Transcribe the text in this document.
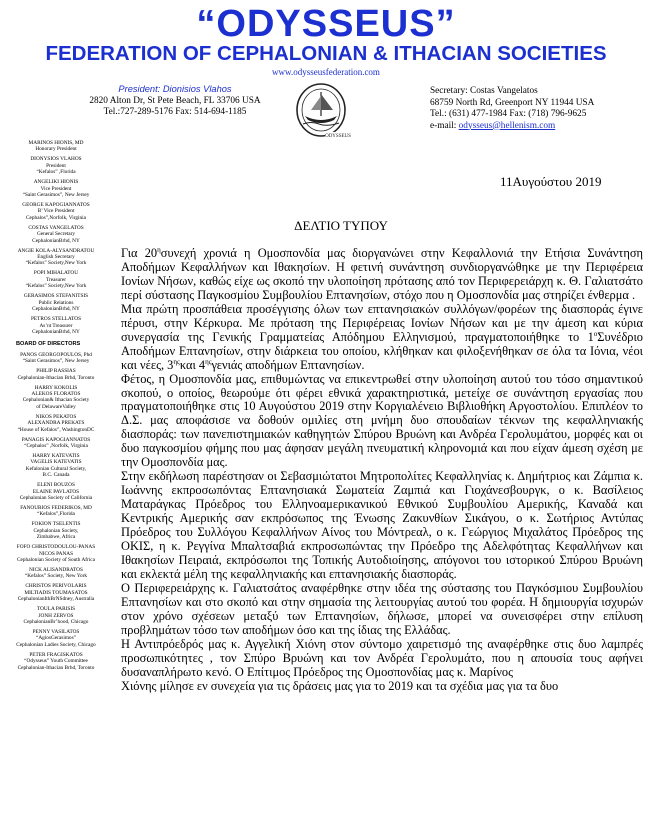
“ODYSSEUS”
FEDERATION OF CEPHALONIAN & ITHACIAN SOCIETIES
www.odysseusfederation.com
President: Dionisios Vlahos
2820 Alton Dr, St Pete Beach, FL 33706 USA
Tel.:727-289-5176 Fax: 514-694-1185
ODYSSEUS
Secretary: Costas Vangelatos
68759 North Rd, Greenport NY 11944 USA
Tel.: (631) 477-1984 Fax: (718) 796-9625
e-mail: odysseus@hellenism.com
MARINOS HIONIS, MD
Honorary President
DIONYSIOS VLAHOS
President
“Kefalos” ,Florida
ANGELIKI HIONIS
Vice President
“Saint Gerasimos”, New Jersey
GEORGE KAPOGIANNATOS
B’ Vice President
Cephalos”,Norfolk, Virginia
COSTAS VANGELATOS
General Secretary
CephalonianBrhd, NY
ANGIE KOLA-ALYSANDRATOU
English Secretary
“Kefalos” Society,New York
POPI MIHALATOU
Treasurer
“Kefalos” Society,New York
GERASIMOS STEFANITSIS
Public Relations
CephalonianBrhd, NY
PETROS STELLATOS
As’nt Treasurer
CephalonianBrhd, NY
BOARD OF DIRECTORS
PANOS GEORGOPOULOS, Phd
“Saint Gerasimos”, New Jersey
PHILIP RASSIAS
Cephalonian-Ithacian Brhd, Toronto
HARRY KOKOLIS
ALEKOS FLORATOS
Cephalonian& Ithacian Society
of DelawareValley
NIKOS PEKATOS
ALEXANDRA PREKATS
“House of Kefalos”, WashingtonDC
PANAGIS KAPOGIANNATOS
“Cephalos” ,Norfolk, Virginia
HARRY KATEVATIS
VAGELIS KATEVATIS
Kefalonian Cultural Society,
B.C. Canada
ELENI BOUZOS
ELAINE PAVLATOS
Cephalonian Society of California
FANOURIOS FEDERIKOS, MD
“Kefalos”,Florida
FOKION TSELENTIS
Cephalonian Society,
Zimbabwe, Africa
FOFO CHRISTODOULOU-PANAS
NICOS PANAS
Cephalonian Society of South Africa
NICK ALISANDRATOS
“Kefalos” Society, New York
CHRISTOS PERIVOLARIS
MILTIADIS TOUMASATOS
CephalonianIthBrNSdney, Australia
TOULA PARISIS
JONH ZERVOS
CephalonianBr’hood, Chicago
PENNY VASILATOS
“AgiosGerasimos”
Cephalonian Ladies Society, Chicago
PETER FRAGISKATOS
“Odysseus” Youth Committee
Cephalonian-Ithacian Brhd, Toronto
11Αυγούστου 2019
ΔΕΛΤΙΟ ΤΥΠΟΥ

Για $20^\eta\sigma\upsilon\nu\varepsilon\chi ή$ χρονιά η Ομοσπονδία μας διοργανώνει στην Κεφαλλονιά την Ετήσια Συνάντηση Αποδήμων Κεφαλλήνων και Ιθακησίων. Η φετινή συνάντηση συνδιοργανώθηκε με την Περιφέρεια Ιονίων Νήσων, καθώς είχε ως σκοπό την υλοποίηση πρότασης από τον Περιφερειάρχη κ. Θ. Γαλιατσάτο περί σύστασης Παγκοσμίου Συμβουλίου Επτανησίων, στόχο που η Ομοσπονδία μας στηρίζει ένθερμα .

Μια πρώτη προσπάθεια προσέγγισης όλων των επτανησιακών συλλόγων/φορέων της διασποράς έγινε πέρυσι, στην Κέρκυρα. Με πρόταση της Περιφέρειας Ιονίων Νήσων και με την άμεση και κύρια συνεργασία της Γενικής Γραμματείας Απόδημου Ελληνισμού, πραγματοποιήθηκε το $1^o\Sigma\upsilon\nu έ\delta\rho\iota o$ Αποδήμων Επτανησίων, στην διάρκεια του οποίου, κλήθηκαν και φιλοξενήθηκαν σε όλα τα Ιόνια, νέοι και νέες, $3^{\eta\varsigma}\kappa\alpha\iota$ $4^{\eta\varsigma}\gamma\varepsilon\nu\iota ά\varsigma$ αποδήμων Επτανησίων.

Φέτος, η Ομοσπονδία μας, επιθυμώντας να επικεντρωθεί στην υλοποίηση αυτού του τόσο σημαντικού σκοπού, ο οποίος, θεωρούμε ότι φέρει εθνικά χαρακτηριστικά, μετείχε σε συνάντηση εργασίας που πραγματοποιήθηκε στις 10 Αυγούστου 2019 στην Κοργιαλένειο Βιβλιοθήκη Αργοστολίου. Επιπλέον το Δ.Σ. μας αποφάσισε να δοθούν ομιλίες στη μνήμη δυο σπουδαίων τέκνων της κεφαλληνιακής διασποράς: των πανεπιστημιακών καθηγητών Σπύρου Βρυώνη και Ανδρέα Γερολυμάτου, μορφές και οι δυο παγκοσμίου φήμης που μας άφησαν μεγάλη πνευματική κληρονομιά και που είχαν άμεση σχέση με την Ομοσπονδία μας.

Στην εκδήλωση παρέστησαν οι Σεβασμιώτατοι Μητροπολίτες Κεφαλληνίας κ. Δημήτριος και Ζάμπια κ. Ιωάννης εκπροσωπόντας Επτανησιακά Σωματεία Ζαμπιά και Γιοχάνεσβουργκ, ο κ. Βασίλειος Ματαράγκας Πρόεδρος του Ελληνοαμερικανικού Εθνικού Συμβουλίου Αμερικής, Καναδά και Κεντρικής Αμερικής σαν εκπρόσωπος της Ένωσης Ζακυνθίων Σικάγου, ο κ. Σωτήριος Αντύπας Πρόεδρος του Συλλόγου Κεφαλλήνων Αίνος του Μόντρεαλ, ο κ. Γεώργιος Μιχαλάτος Πρόεδρος της ΟΚΙΣ, η κ. Ρεγγίνα Μπαλτσαβιά εκπροσωπώντας την Πρόεδρο της Αδελφότητας Κεφαλλήνων και Ιθακησίων Πειραιά, εκπρόσωποι της Τοπικής Αυτοδιοίησης, απόγονοι του ιστορικού Σπύρου Βρυώνη και εκλεκτά μέλη της κεφαλληνιακής και επτανησιακής διασποράς.

Ο Περιφερειάρχης κ. Γαλιατσάτος αναφέρθηκε στην ιδέα της σύστασης του Παγκόσμιου Συμβουλίου Επτανησίων και στο σκοπό και στην σημασία της λειτουργίας αυτού του φορέα. Η δημιουργία ισχυρών στον χρόνο σχέσεων μεταξύ των Επτανησίων, δήλωσε, μπορεί να συνεισφέρει στην επίλυση προβλημάτων τόσο των αποδήμων όσο και της ίδιας της Ελλάδας.

Η Αντιπρόεδρός μας κ. Αγγελική Χιόνη στον σύντομο χαιρετισμό της αναφέρθηκε στις δυο λαμπρές προσωπικότητες , τον Σπύρο Βρυώνη και τον Ανδρέα Γερολυμάτο, που η απουσία τους αφήνει δυσαναπλήρωτο κενό. Ο Επίτιμος Πρόεδρος της Ομοσπονδίας μας κ. Μαρίνος

Χιόνης μίλησε εν συνεχεία για τις δράσεις μας για το 2019 και τα σχέδια μας για τα δυο
